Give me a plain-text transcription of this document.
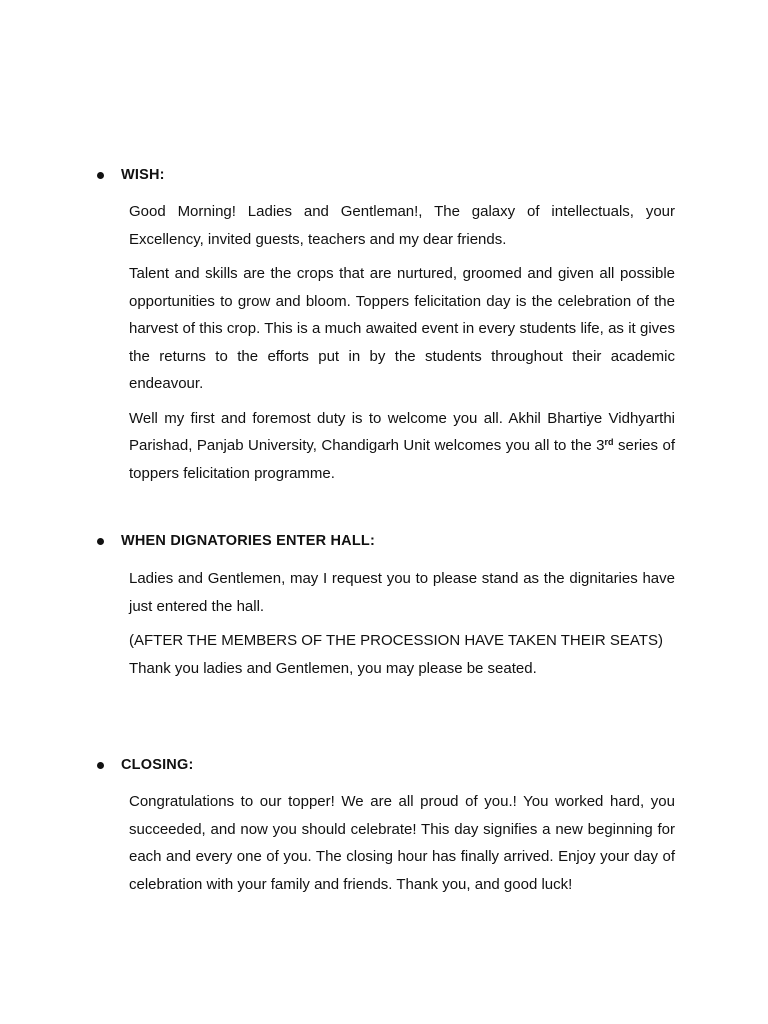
WISH:

Good Morning! Ladies and Gentleman!, The galaxy of intellectuals, your Excellency, invited guests, teachers and my dear friends.

Talent and skills are the crops that are nurtured, groomed and given all possible opportunities to grow and bloom. Toppers felicitation day is the celebration of the harvest of this crop. This is a much awaited event in every students life, as it gives the returns to the efforts put in by the students throughout their academic endeavour.

Well my first and foremost duty is to welcome you all. Akhil Bhartiye Vidhyarthi Parishad, Panjab University, Chandigarh Unit welcomes you all to the 3rd series of toppers felicitation programme.

WHEN DIGNATORIES ENTER HALL:

Ladies and Gentlemen, may I request you to please stand as the dignitaries have just entered the hall.

(AFTER THE MEMBERS OF THE PROCESSION HAVE TAKEN THEIR SEATS)

Thank you ladies and Gentlemen, you may please be seated.

CLOSING:

Congratulations to our topper! We are all proud of you.! You worked hard, you succeeded, and now you should celebrate! This day signifies a new beginning for each and every one of you. The closing hour has finally arrived. Enjoy your day of celebration with your family and friends. Thank you, and good luck!
